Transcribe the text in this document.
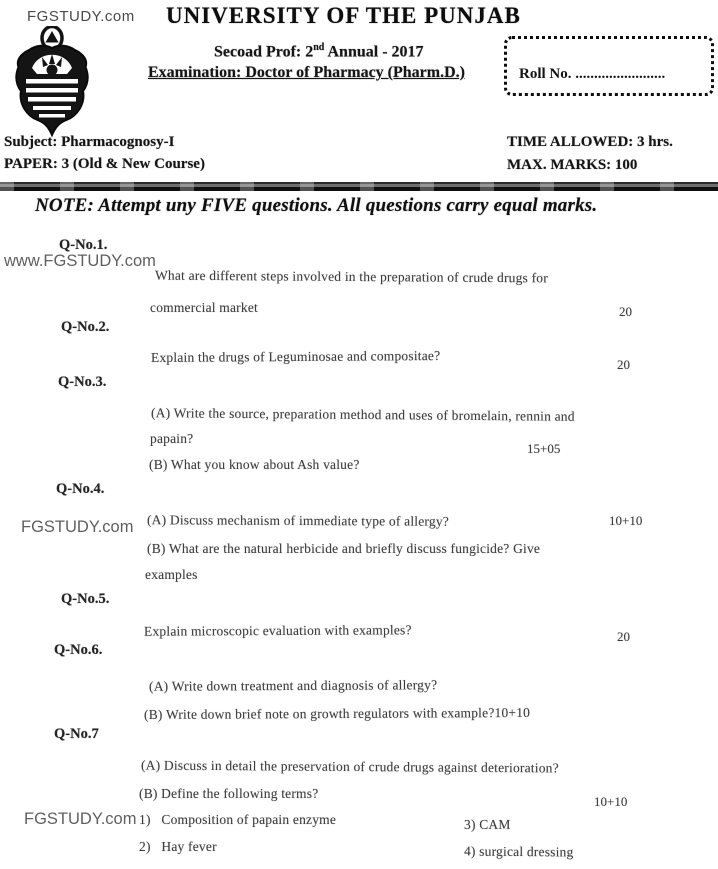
FGSTUDY.com UNIVERSITY OF THE PUNJAB
Secoad Prof: 2nd Annual - 2017
Examination: Doctor of Pharmacy (Pharm.D.)	Roll No. ........................
Subject: Pharmacognosy-I
PAPER: 3 (Old & New Course)
TIME ALLOWED: 3 hrs.
MAX. MARKS: 100
NOTE: Attempt uny FIVE questions. All questions carry equal marks.
Q-No.1.
www.FGSTUDY.com
What are different steps involved in the preparation of crude drugs for
commercial market	20
Q-No.2.
Explain the drugs of Leguminosae and compositae?	20
Q-No.3.
(A) Write the source, preparation method and uses of bromelain, rennin and
papain?
15+05
(B) What you know about Ash value?
Q-No.4.
(A) Discuss mechanism of immediate type of allergy?	10+10
FGSTUDY.com
(B) What are the natural herbicide and briefly discuss fungicide? Give
examples
Q-No.5.
Explain microscopic evaluation with examples?	20
Q-No.6.
(A) Write down treatment and diagnosis of allergy?
(B) Write down brief note on growth regulators with example?10+10
Q-No.7
(A) Discuss in detail the preservation of crude drugs against deterioration?
(B) Define the following terms?
10+10
FGSTUDY.com 1)   Composition of papain enzyme	3) CAM
2)   Hay fever	4) surgical dressing
